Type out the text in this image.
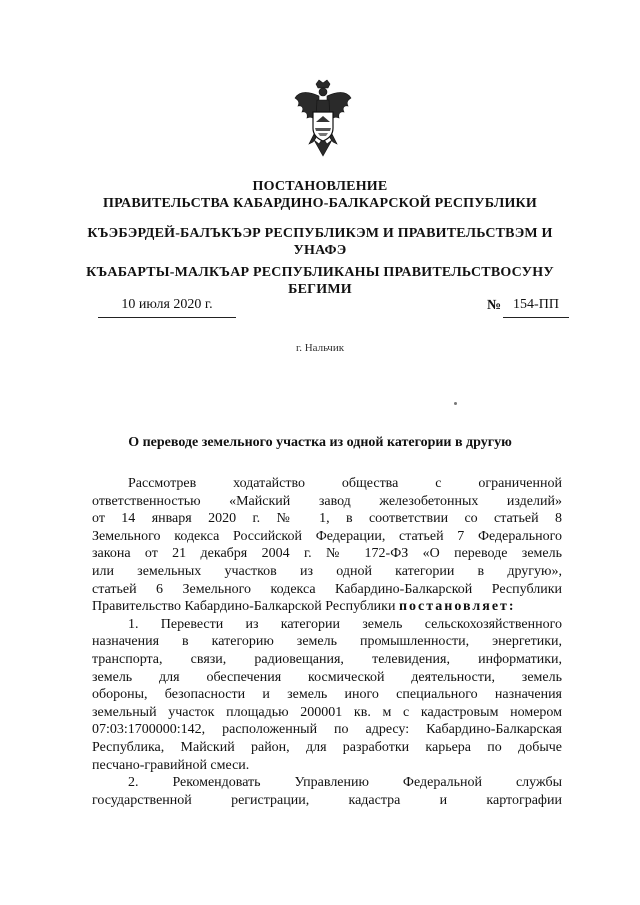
ПОСТАНОВЛЕНИЕ
ПРАВИТЕЛЬСТВА КАБАРДИНО-БАЛКАРСКОЙ РЕСПУБЛИКИ
КЪЭБЭРДЕЙ-БАЛЪКЪЭР РЕСПУБЛИКЭМ И ПРАВИТЕЛЬСТВЭМ И
УНАФЭ
КЪАБАРТЫ-МАЛКЪАР РЕСПУБЛИКАНЫ ПРАВИТЕЛЬСТВОСУНУ
БЕГИМИ
10 июля 2020 г.	№ 154-ПП
г. Нальчик
О переводе земельного участка из одной категории в другую

Рассмотрев ходатайство общества с ограниченной

ответственностью «Майский завод железобетонных изделий»

от 14 января 2020 г. № 1, в соответствии со статьей 8

Земельного кодекса Российской Федерации, статьей 7 Федерального

закона от 21 декабря 2004 г. № 172-ФЗ «О переводе земель

или земельных участков из одной категории в другую»,

статьей 6 Земельного кодекса Кабардино-Балкарской Республики

Правительство Кабардино-Балкарской Республики постановляет:

1. Перевести из категории земель сельскохозяйственного

назначения в категорию земель промышленности, энергетики,

транспорта, связи, радиовещания, телевидения, информатики,

земель для обеспечения космической деятельности, земель

обороны, безопасности и земель иного специального назначения

земельный участок площадью 200001 кв. м с кадастровым номером

07:03:1700000:142, расположенный по адресу: Кабардино-Балкарская

Республика, Майский район, для разработки карьера по добыче

песчано-гравийной смеси.

2. Рекомендовать Управлению Федеральной службы

государственной регистрации, кадастра и картографии
